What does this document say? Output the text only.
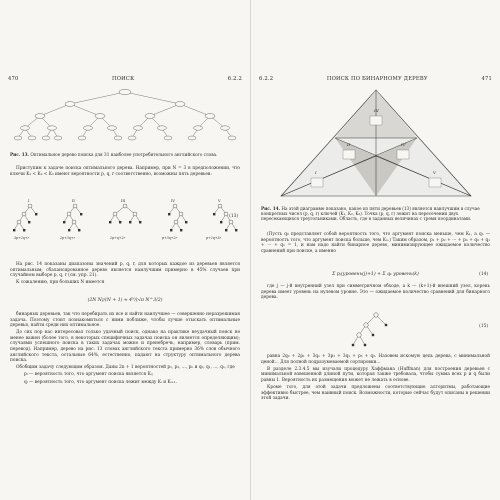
470	ПОИСК	6.2.2
Рис. 13. Оптимальное дерево поиска для 31 наиболее употребительного английского слова.

Приступим к задаче поиска оптимального дерева. Например, при N = 3 в предположении, что ключи K₁ < K₂ < K₃ имеют вероятности p, q, r соответственно, возможны пять деревьев:

I	II	III	IV	V
3p+2q+r	2p+3q+r	2p+q+2r	p+3q+2r	p+2q+3r
(13)

На рис. 14 показаны диапазоны значений p, q, r, для которых каждое из деревьев является оптимальным; сбалансированное дерево является наилучшим примерно в 45% случаев при случайном выборе p, q, r (см. упр. 21).

К сожалению, при больших N имеется

(2N N)/(N + 1) ≈ 4ᴺ/(√π N^3/2)

бинарных деревьев, так что перебирать их все и найти наилучшее — совершенно неразрешимая задача. Поэтому стоит познакомиться с ними поближе, чтобы лучше отыскать оптимальные деревья, найти среди них оптимальное.

До сих пор нас интересовал только удачный поиск, однако на практике неудачный поиск не менее важен (более того, в некоторых специфичных задачах поиска он является определяющим); случаями успешного поиска в таких задачах можно и пренебречь, например, словарь (прим. перевод). Например, дерево на рис. 13 словах английского текста примерно 36% слов обычного английского текста, остальные 64%, естественно, падают на структуру оптимального дерева поиска.

Обобщим задачу следующим образом. Даны 2n + 1 вероятностей p₁, p₂, ..., pₙ и q₀, q₁, ..., qₙ, где

pᵢ — вероятность того, что аргумент поиска является Kᵢ;

qᵢ — вероятность того, что аргумент поиска лежит между Kᵢ и Kᵢ₊₁.

6.2.2	ПОИСК ПО БИНАРНОМУ ДЕРЕВУ	471
III
II	IV
I	V
Рис. 14. На этой диаграмме показано, какое из пяти деревьев (13) является наилучшим в случае конкретных чисел (p, q, r) ключей (K₁, K₂, K₃). Точка (p, q, r) лежит на пересечении двух пересекающихся треугольниками. Область, где в заданных величинах с тремя координатами.

(Пусть q₀ представляет собой вероятность того, что аргумент поиска меньше, чем K₁, а qₙ — вероятность того, что аргумент поиска больше, чем Kₙ.) Таким образом, p₁ + p₂ + ··· + pₙ + q₀ + q₁ + ··· + qₙ = 1, и нам надо найти бинарное дерево, минимизирующее ожидаемое количество сравнений при поиске, а именно

Σ pⱼ(уровень(j)+1) + Σ qₖ уровень(k)	(14)

где j — j-й внутренний узел при симметричном обходе, а k — (k+1)-й внешний узел, корень дерева имеет уровень на нулевом уровне. Это — ожидаемое количество сравнений для бинарного дерева.

(15)

равна 2q₀ + 2p₁ + 3q₁ + 3p₂ + 3q₂ + p₃ + q₃. Назовем искомую цепь дерева, с минимальной ценой... Для полной подразумеваемой сортировки...

В разделе 2.3.4.5 мы изучали процедуру Хаффмана (Huffman) для построения деревьев с минимальной взвешенной длиной пути, которая также требовала, чтобы сумма всех p и q были равны 1. Вероятность их размещения может не лежать в основе.

Кроме того, для этой задачи предложены соответствующие алгоритмы, работающие эффективно быстрее, чем наивный поиск. Возможности, которые сейчас будут описаны в решении этой задачи.
